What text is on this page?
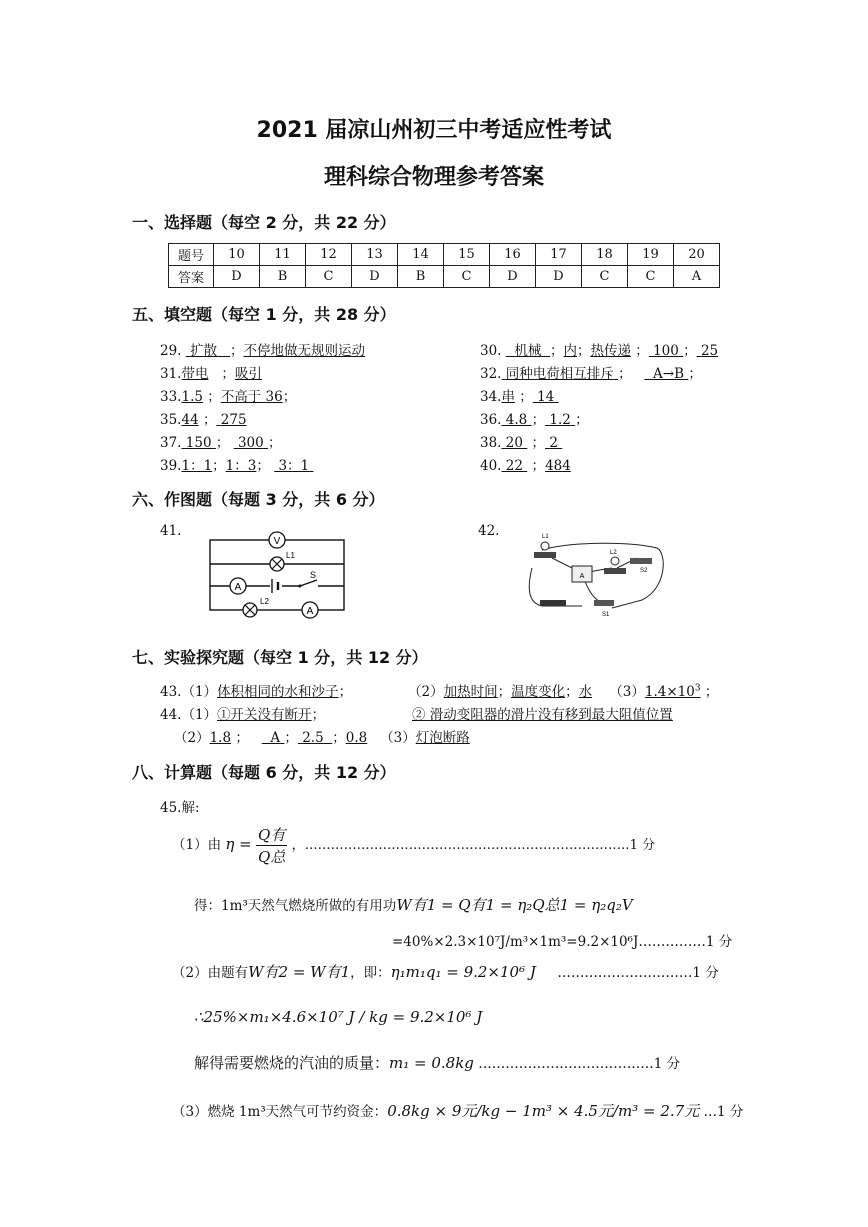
2021 届凉山州初三中考适应性考试
理科综合物理参考答案
一、选择题（每空 2 分，共 22 分）
题号	10	11	12	13	14	15	16	17	18	19	20
答案	D	B	C	D	B	C	D	D	C	C	A
五、填空题（每空 1 分，共 28 分）
29. 扩散 ；不停地做无规则运动	30. 机械 ；内；热传递 ； 100 ； 25
31.带电   ；吸引	32. 同种电荷相互排斥 ；     A→B ；
33.1.5 ；不高于 36；	34.串 ； 14
35.44 ； 275	36. 4.8 ； 1.2 ；
37. 150 ；  300 ；	38. 20  ； 2
39.1：1；1：3；  3：1	40. 22  ；484
六、作图题（每题 3 分，共 6 分）
41.	42.
V
L1
A
S
L2
A
L1
A
L2
S2
S1
七、实验探究题（每空 1 分，共 12 分）
43.（1）体积相同的水和沙子；	（2）加热时间；温度变化；水 $(3)1.4\times 10^3$ ；
44.（1）①开关没有断开；	② 滑动变阻器的滑片没有移到最大阻值位置
（2）1.8 ；     A ； 2.5 ；0.8 （3）灯泡断路
八、计算题（每题 6 分，共 12 分）
45.解:
（1）由 $\eta = \frac{\text{Q有}}{\text{Q总}}$ ，…………………………………………………………………1 分
得：1m³天然气燃烧所做的有用功W有1 = Q有1 = η₂Q总1 = η₂q₂V
=40%×2.3×10⁷J/m³×1m³=9.2×10⁶J……………1 分
（2）由题有W有2 = W有1，即：η₁m₁q₁ = 9.2×10⁶ J …………………………1 分
∴25%×m₁×4.6×10⁷ J / kg = 9.2×10⁶ J
解得需要燃烧的汽油的质量：m₁ = 0.8kg …………………………………1 分
（3）燃烧 1m³天然气可节约资金：0.8kg × 9元/kg − 1m³ × 4.5元/m³ = 2.7元 …1 分
